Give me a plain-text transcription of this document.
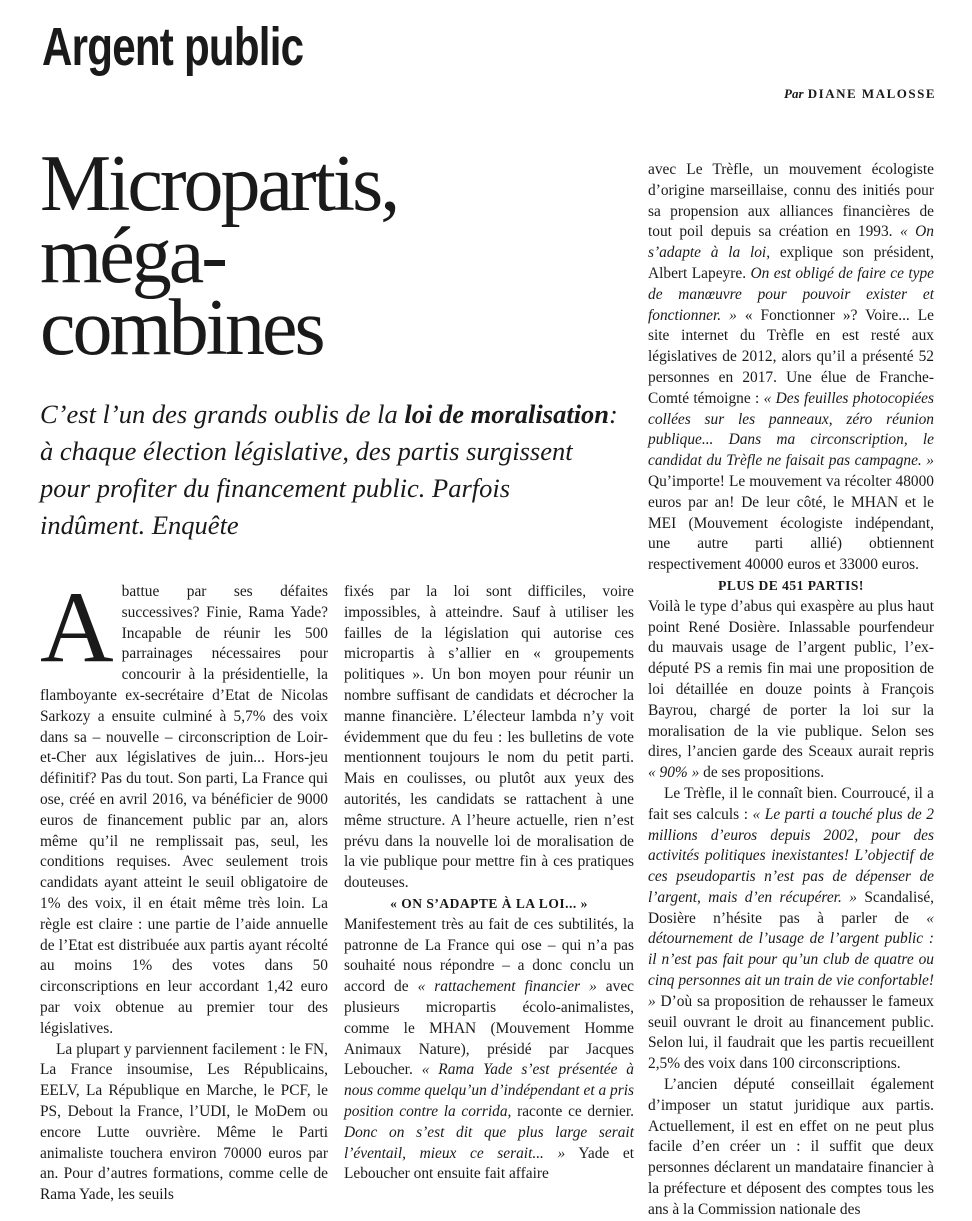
Argent public
Par DIANE MALOSSE
Micropartis,
méga-
combines
C’est l’un des grands oublis de la loi de moralisation: à chaque élection législative, des partis surgissent pour profiter du financement public. Parfois indûment. Enquête

Abattue par ses défaites successives? Finie, Rama Yade? Incapable de réunir les 500 parrainages nécessaires pour concourir à la présidentielle, la flamboyante ex-secrétaire d’Etat de Nicolas Sarkozy a ensuite culminé à 5,7% des voix dans sa – nouvelle – circonscription de Loir-et-Cher aux législatives de juin... Hors-jeu définitif? Pas du tout. Son parti, La France qui ose, créé en avril 2016, va bénéficier de 9000 euros de financement public par an, alors même qu’il ne remplissait pas, seul, les conditions requises. Avec seulement trois candidats ayant atteint le seuil obligatoire de 1% des voix, il en était même très loin. La règle est claire : une partie de l’aide annuelle de l’Etat est distribuée aux partis ayant récolté au moins 1% des votes dans 50 circonscriptions en leur accordant 1,42 euro par voix obtenue au premier tour des législatives.

La plupart y parviennent facilement : le FN, La France insoumise, Les Républicains, EELV, La République en Marche, le PCF, le PS, Debout la France, l’UDI, le MoDem ou encore Lutte ouvrière. Même le Parti animaliste touchera environ 70000 euros par an. Pour d’autres formations, comme celle de Rama Yade, les seuils

fixés par la loi sont difficiles, voire impossibles, à atteindre. Sauf à utiliser les failles de la législation qui autorise ces micropartis à s’allier en « groupements politiques ». Un bon moyen pour réunir un nombre suffisant de candidats et décrocher la manne financière. L’électeur lambda n’y voit évidemment que du feu : les bulletins de vote mentionnent toujours le nom du petit parti. Mais en coulisses, ou plutôt aux yeux des autorités, les candidats se rattachent à une même structure. A l’heure actuelle, rien n’est prévu dans la nouvelle loi de moralisation de la vie publique pour mettre fin à ces pratiques douteuses.

« ON S’ADAPTE À LA LOI... »

Manifestement très au fait de ces subtilités, la patronne de La France qui ose – qui n’a pas souhaité nous répondre – a donc conclu un accord de « rattachement financier » avec plusieurs micropartis écolo-animalistes, comme le MHAN (Mouvement Homme Animaux Nature), présidé par Jacques Leboucher. « Rama Yade s’est présentée à nous comme quelqu’un d’indépendant et a pris position contre la corrida, raconte ce dernier. Donc on s’est dit que plus large serait l’éventail, mieux ce serait... » Yade et Leboucher ont ensuite fait affaire

avec Le Trèfle, un mouvement écologiste d’origine marseillaise, connu des initiés pour sa propension aux alliances financières de tout poil depuis sa création en 1993. « On s’adapte à la loi, explique son président, Albert Lapeyre. On est obligé de faire ce type de manœuvre pour pouvoir exister et fonctionner. » « Fonctionner »? Voire... Le site internet du Trèfle en est resté aux législatives de 2012, alors qu’il a présenté 52 personnes en 2017. Une élue de Franche-Comté témoigne : « Des feuilles photocopiées collées sur les panneaux, zéro réunion publique... Dans ma circonscription, le candidat du Trèfle ne faisait pas campagne. » Qu’importe! Le mouvement va récolter 48000 euros par an! De leur côté, le MHAN et le MEI (Mouvement écologiste indépendant, une autre parti allié) obtiennent respectivement 40000 euros et 33000 euros.

PLUS DE 451 PARTIS!

Voilà le type d’abus qui exaspère au plus haut point René Dosière. Inlassable pourfendeur du mauvais usage de l’argent public, l’ex-député PS a remis fin mai une proposition de loi détaillée en douze points à François Bayrou, chargé de porter la loi sur la moralisation de la vie publique. Selon ses dires, l’ancien garde des Sceaux aurait repris « 90% » de ses propositions.

Le Trèfle, il le connaît bien. Courroucé, il a fait ses calculs : « Le parti a touché plus de 2 millions d’euros depuis 2002, pour des activités politiques inexistantes! L’objectif de ces pseudopartis n’est pas de dépenser de l’argent, mais d’en récupérer. » Scandalisé, Dosière n’hésite pas à parler de « détournement de l’usage de l’argent public : il n’est pas fait pour qu’un club de quatre ou cinq personnes ait un train de vie confortable! » D’où sa proposition de rehausser le fameux seuil ouvrant le droit au financement public. Selon lui, il faudrait que les partis recueillent 2,5% des voix dans 100 circonscriptions.

L’ancien député conseillait également d’imposer un statut juridique aux partis. Actuellement, il est en effet on ne peut plus facile d’en créer un : il suffit que deux personnes déclarent un mandataire financier à la préfecture et déposent des comptes tous les ans à la Commission nationale des
